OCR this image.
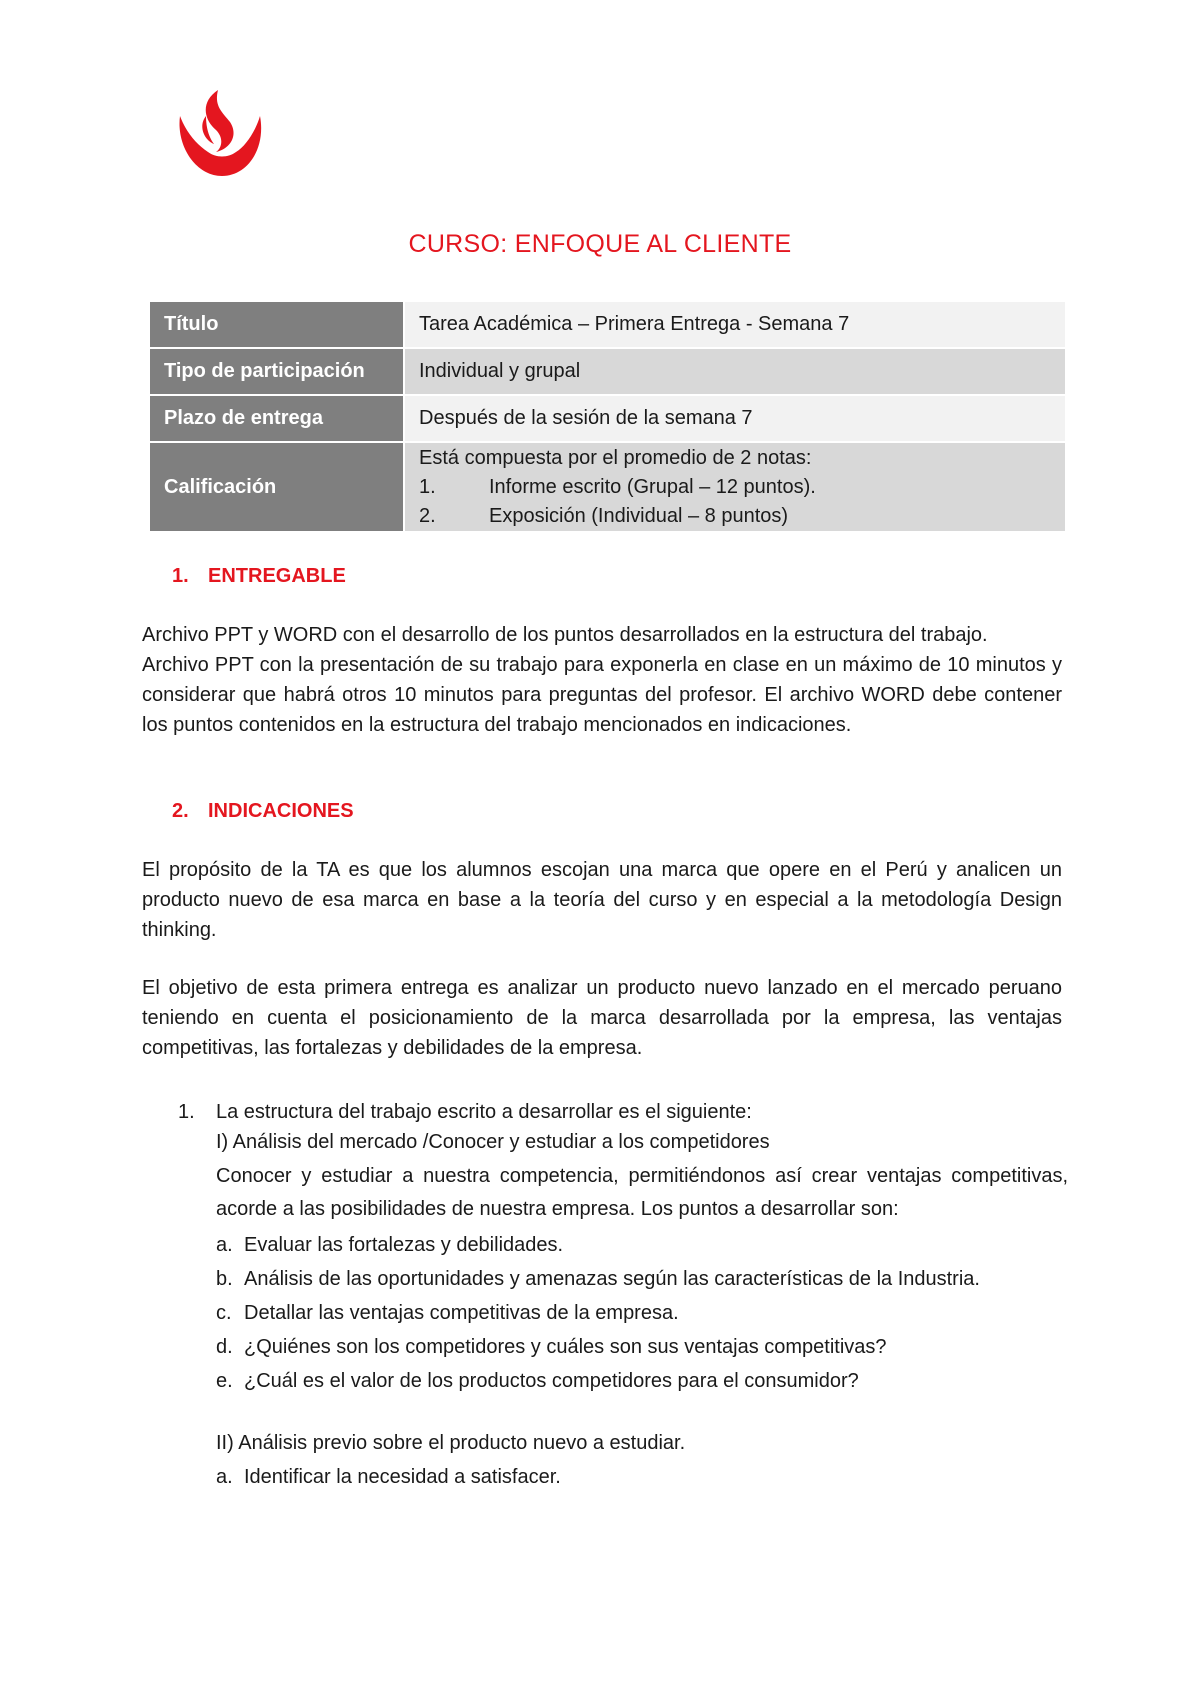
CURSO: ENFOQUE AL CLIENTE
Título	Tarea Académica – Primera Entrega - Semana 7
Tipo de participación	Individual y grupal
Plazo de entrega	Después de la sesión de la semana 7
Calificación	Está compuesta por el promedio de 2 notas:
1. Informe escrito (Grupal – 12 puntos).
2. Exposición (Individual – 8 puntos)
1. ENTREGABLE
Archivo PPT y WORD con el desarrollo de los puntos desarrollados en la estructura del trabajo.
Archivo PPT con la presentación de su trabajo para exponerla en clase en un máximo de 10 minutos y considerar que habrá otros 10 minutos para preguntas del profesor. El archivo WORD debe contener los puntos contenidos en la estructura del trabajo mencionados en indicaciones.
2. INDICACIONES
El propósito de la TA es que los alumnos escojan una marca que opere en el Perú y analicen un producto nuevo de esa marca en base a la teoría del curso y en especial a la metodología Design thinking.
El objetivo de esta primera entrega es analizar un producto nuevo lanzado en el mercado peruano teniendo en cuenta el posicionamiento de la marca desarrollada por la empresa, las ventajas competitivas, las fortalezas y debilidades de la empresa.
1. La estructura del trabajo escrito a desarrollar es el siguiente:
I) Análisis del mercado /Conocer y estudiar a los competidores
Conocer y estudiar a nuestra competencia, permitiéndonos así crear ventajas competitivas, acorde a las posibilidades de nuestra empresa. Los puntos a desarrollar son:
a. Evaluar las fortalezas y debilidades.
b. Análisis de las oportunidades y amenazas según las características de la Industria.
c. Detallar las ventajas competitivas de la empresa.
d. ¿Quiénes son los competidores y cuáles son sus ventajas competitivas?
e. ¿Cuál es el valor de los productos competidores para el consumidor?
II) Análisis previo sobre el producto nuevo a estudiar.
a. Identificar la necesidad a satisfacer.
